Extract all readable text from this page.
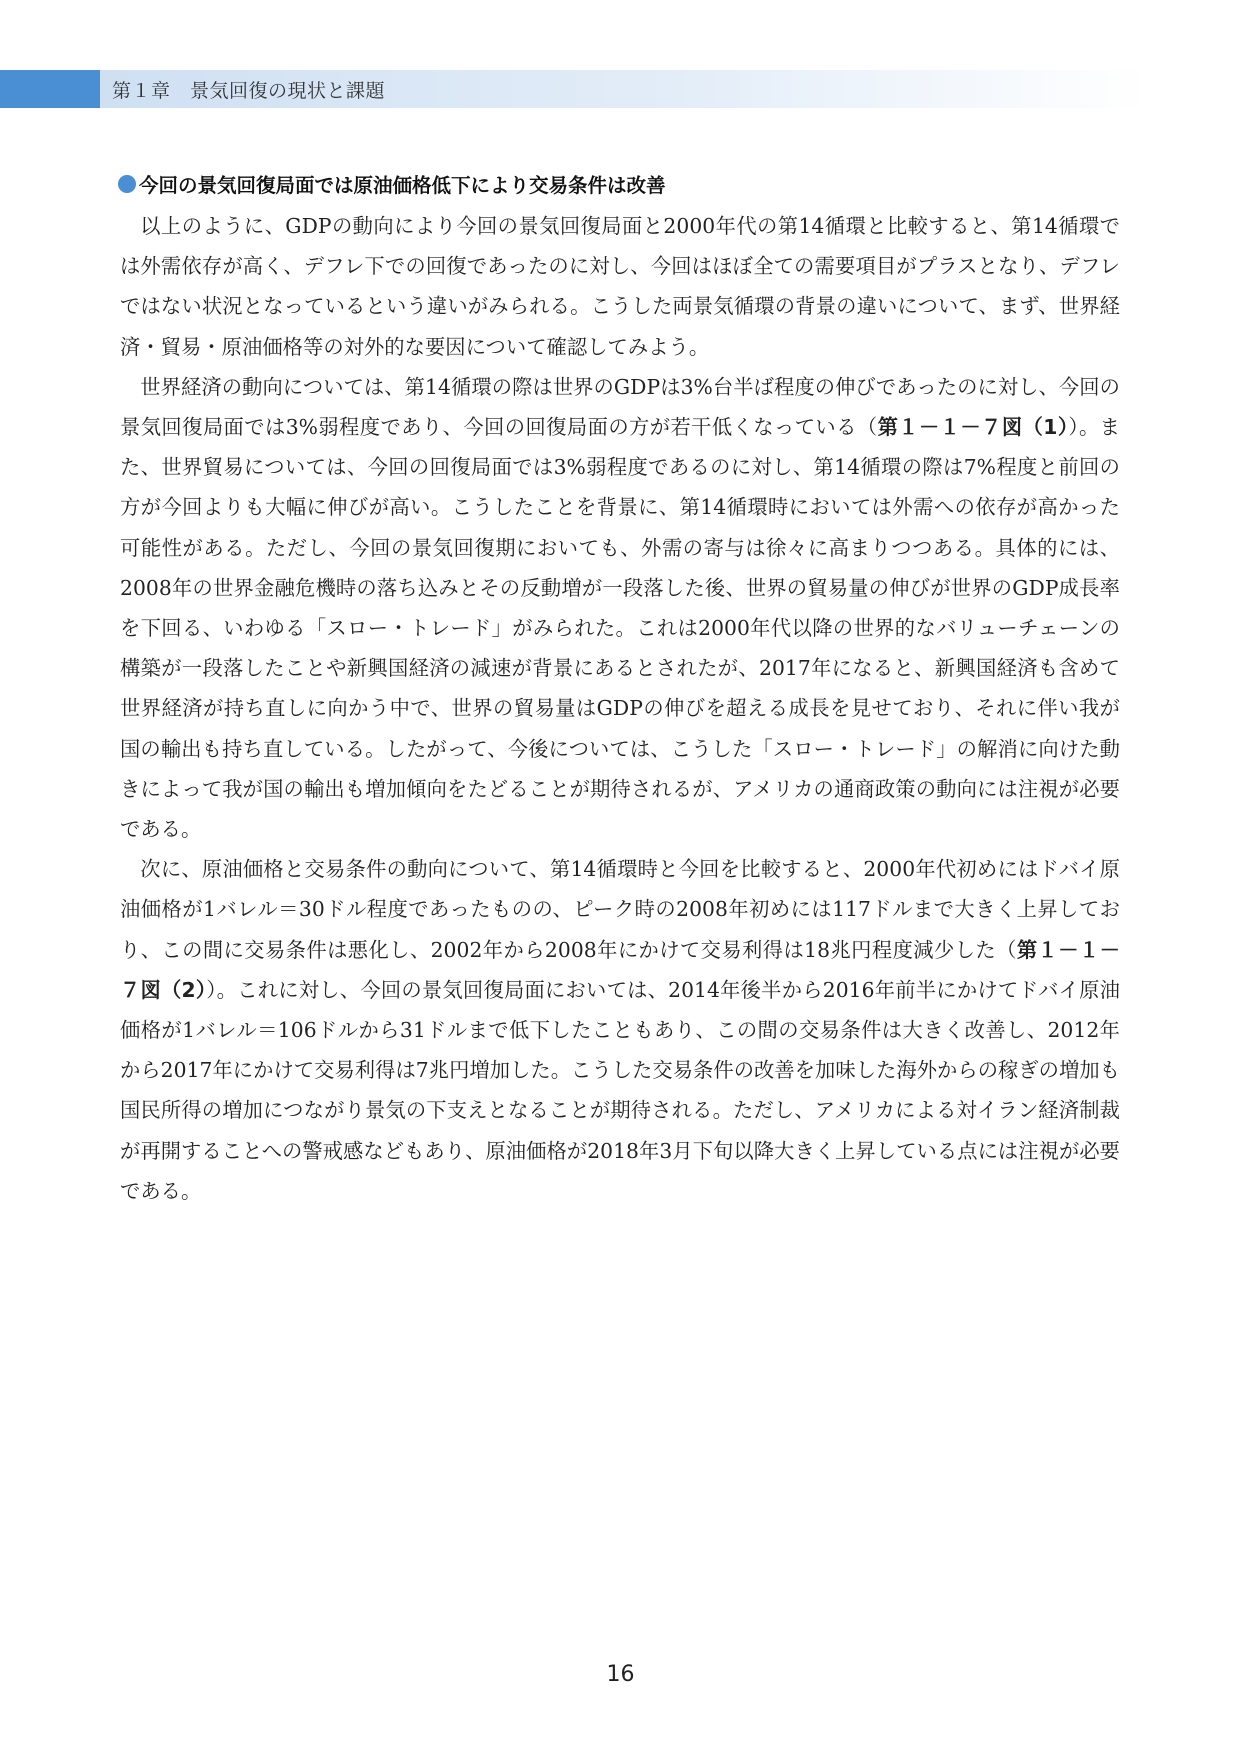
第１章　景気回復の現状と課題
今回の景気回復局面では原油価格低下により交易条件は改善

以上のように、GDPの動向により今回の景気回復局面と2000年代の第14循環と比較すると、第14循環では外需依存が高く、デフレ下での回復であったのに対し、今回はほぼ全ての需要項目がプラスとなり、デフレではない状況となっているという違いがみられる。こうした両景気循環の背景の違いについて、まず、世界経済・貿易・原油価格等の対外的な要因について確認してみよう。

世界経済の動向については、第14循環の際は世界のGDPは3%台半ば程度の伸びであったのに対し、今回の景気回復局面では3%弱程度であり、今回の回復局面の方が若干低くなっている（第１－１－７図（1））。また、世界貿易については、今回の回復局面では3%弱程度であるのに対し、第14循環の際は7%程度と前回の方が今回よりも大幅に伸びが高い。こうしたことを背景に、第14循環時においては外需への依存が高かった可能性がある。ただし、今回の景気回復期においても、外需の寄与は徐々に高まりつつある。具体的には、2008年の世界金融危機時の落ち込みとその反動増が一段落した後、世界の貿易量の伸びが世界のGDP成長率を下回る、いわゆる「スロー・トレード」がみられた。これは2000年代以降の世界的なバリューチェーンの構築が一段落したことや新興国経済の減速が背景にあるとされたが、2017年になると、新興国経済も含めて世界経済が持ち直しに向かう中で、世界の貿易量はGDPの伸びを超える成長を見せており、それに伴い我が国の輸出も持ち直している。したがって、今後については、こうした「スロー・トレード」の解消に向けた動きによって我が国の輸出も増加傾向をたどることが期待されるが、アメリカの通商政策の動向には注視が必要である。

次に、原油価格と交易条件の動向について、第14循環時と今回を比較すると、2000年代初めにはドバイ原油価格が1バレル＝30ドル程度であったものの、ピーク時の2008年初めには117ドルまで大きく上昇しており、この間に交易条件は悪化し、2002年から2008年にかけて交易利得は18兆円程度減少した（第１－１－７図（2））。これに対し、今回の景気回復局面においては、2014年後半から2016年前半にかけてドバイ原油価格が1バレル＝106ドルから31ドルまで低下したこともあり、この間の交易条件は大きく改善し、2012年から2017年にかけて交易利得は7兆円増加した。こうした交易条件の改善を加味した海外からの稼ぎの増加も国民所得の増加につながり景気の下支えとなることが期待される。ただし、アメリカによる対イラン経済制裁が再開することへの警戒感などもあり、原油価格が2018年3月下旬以降大きく上昇している点には注視が必要である。

16
